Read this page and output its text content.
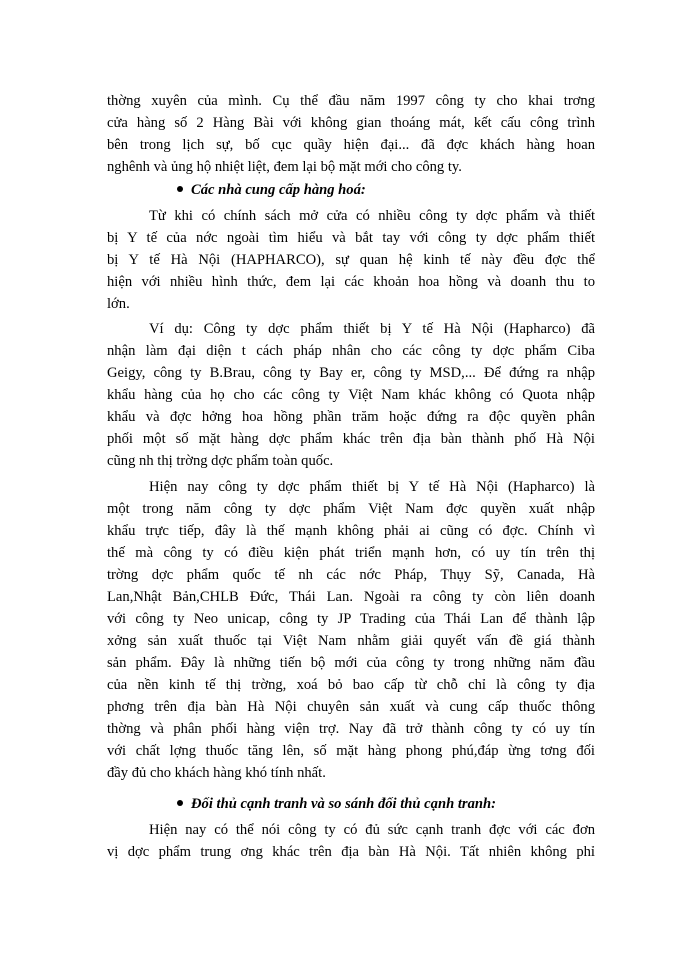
thờng xuyên của mình. Cụ thể đầu năm 1997 công ty cho khai trơng
cửa hàng số 2 Hàng Bài với không gian thoáng mát, kết cấu công trình
bên trong lịch sự, bố cục quầy hiện đại... đã đợc khách hàng hoan
nghênh và ủng hộ nhiệt liệt, đem lại bộ mặt mới cho công ty.
Các nhà cung cấp hàng hoá:
Từ khi có chính sách mở cửa có nhiều công ty dợc phẩm và thiết
bị Y tế của nớc ngoài tìm hiểu và bắt tay với công ty dợc phẩm thiết
bị Y tế Hà Nội (HAPHARCO), sự quan hệ kinh tế này đều đợc thể
hiện với nhiều hình thức, đem lại các khoản hoa hồng và doanh thu to
lớn.
Ví dụ: Công ty dợc phẩm thiết bị Y tế Hà Nội (Hapharco) đã
nhận làm đại diện t cách pháp nhân cho các công ty dợc phẩm Ciba
Geigy, công ty B.Brau, công ty Bay er, công ty MSD,... Để đứng ra nhập
khẩu hàng của họ cho các công ty Việt Nam khác không có Quota nhập
khẩu và đợc hởng hoa hồng phần trăm hoặc đứng ra độc quyền phân
phối một số mặt hàng dợc phẩm khác trên địa bàn thành phố Hà Nội
cũng nh thị trờng dợc phẩm toàn quốc.
Hiện nay công ty dợc phẩm thiết bị Y tế Hà Nội (Hapharco) là
một trong năm công ty dợc phẩm Việt Nam đợc quyền xuất nhập
khẩu trực tiếp, đây là thế mạnh không phải ai cũng có đợc. Chính vì
thế mà công ty có điều kiện phát triển mạnh hơn, có uy tín trên thị
trờng dợc phẩm quốc tế nh các nớc Pháp, Thụy Sỹ, Canada, Hà
Lan,Nhật Bản,CHLB Đức, Thái Lan. Ngoài ra công ty còn liên doanh
với công ty Neo unicap, công ty JP Trading của Thái Lan để thành lập
xởng sản xuất thuốc tại Việt Nam nhằm giải quyết vấn đề giá thành
sản phẩm. Đây là những tiến bộ mới của công ty trong những năm đầu
của nền kinh tế thị trờng, xoá bỏ bao cấp từ chỗ chỉ là công ty địa
phơng trên địa bàn Hà Nội chuyên sản xuất và cung cấp thuốc thông
thờng và phân phối hàng viện trợ. Nay đã trở thành công ty có uy tín
với chất lợng thuốc tăng lên, số mặt hàng phong phú,đáp ừng tơng đối
đầy đủ cho khách hàng khó tính nhất.
Đối thủ cạnh tranh và so sánh đối thủ cạnh tranh:
Hiện nay có thể nói công ty có đủ sức cạnh tranh đợc với các đơn
vị dợc phẩm trung ơng khác trên địa bàn Hà Nội. Tất nhiên không phỉ
